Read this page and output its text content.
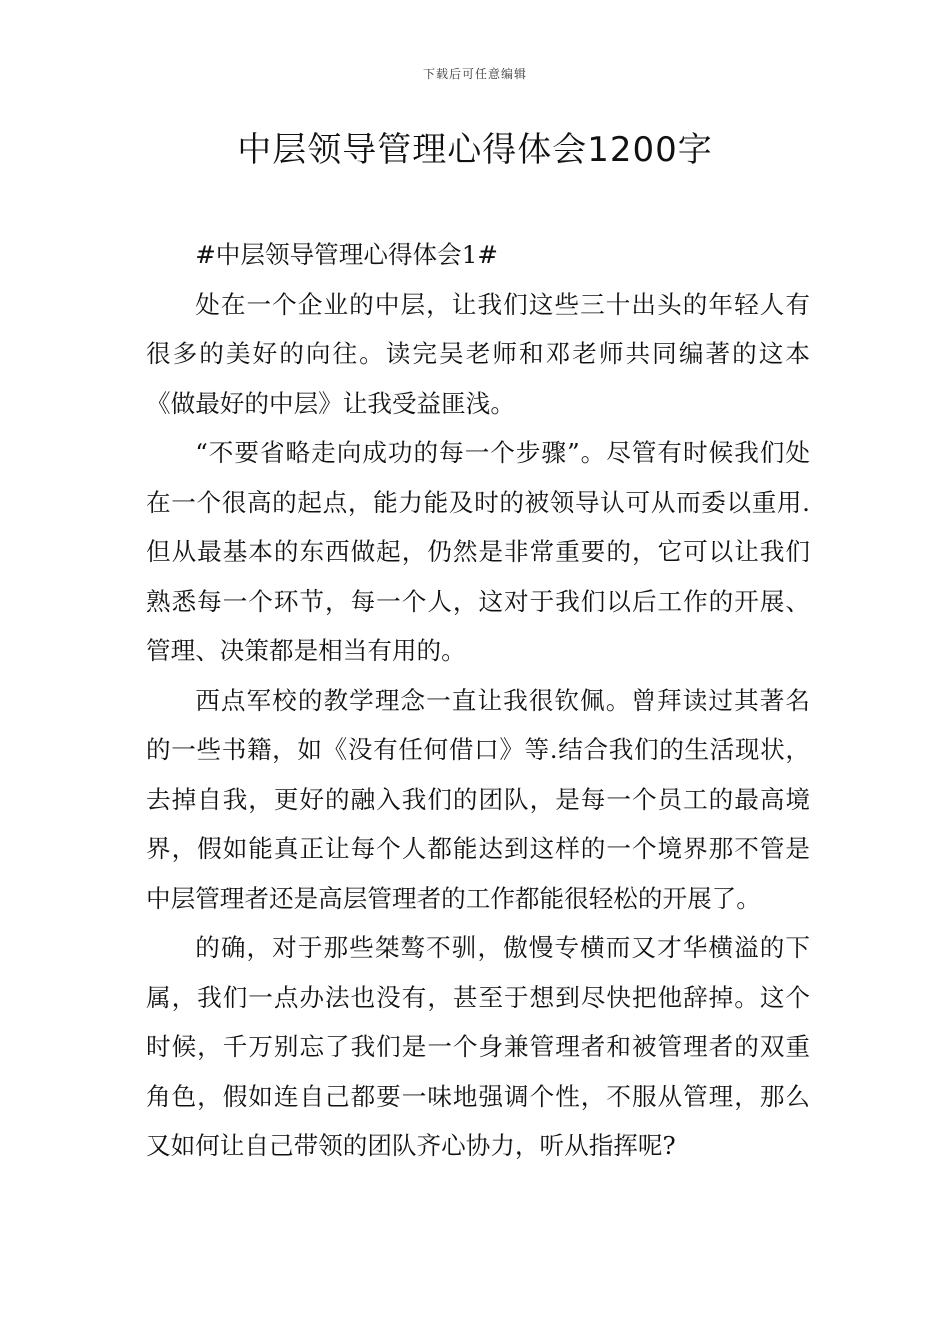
下载后可任意编辑
中层领导管理心得体会1200字

#中层领导管理心得体会1#

处在一个企业的中层，让我们这些三十出头的年轻人有很多的美好的向往。读完吴老师和邓老师共同编著的这本《做最好的中层》让我受益匪浅。

“不要省略走向成功的每一个步骤”。尽管有时候我们处在一个很高的起点，能力能及时的被领导认可从而委以重用.但从最基本的东西做起，仍然是非常重要的，它可以让我们熟悉每一个环节，每一个人，这对于我们以后工作的开展、管理、决策都是相当有用的。

西点军校的教学理念一直让我很钦佩。曾拜读过其著名的一些书籍，如《没有任何借口》等.结合我们的生活现状，去掉自我，更好的融入我们的团队，是每一个员工的最高境界，假如能真正让每个人都能达到这样的一个境界那不管是中层管理者还是高层管理者的工作都能很轻松的开展了。

的确，对于那些桀骜不驯，傲慢专横而又才华横溢的下属，我们一点办法也没有，甚至于想到尽快把他辞掉。这个时候，千万别忘了我们是一个身兼管理者和被管理者的双重角色，假如连自己都要一味地强调个性，不服从管理，那么又如何让自己带领的团队齐心协力，听从指挥呢?
